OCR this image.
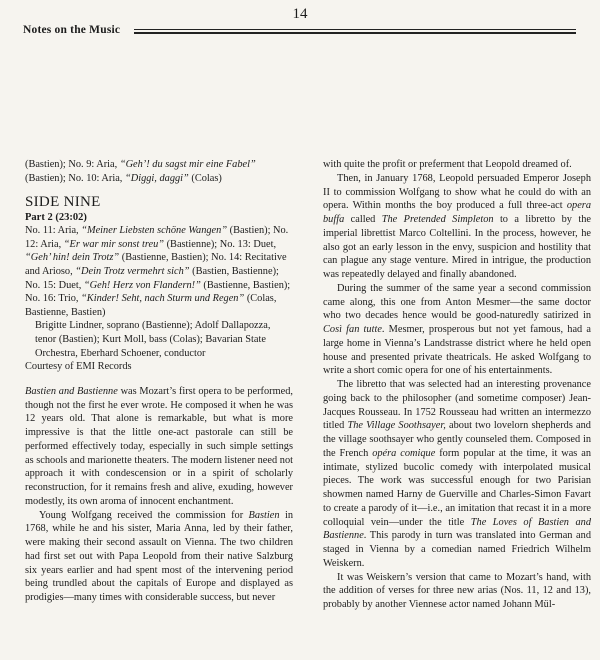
14
Notes on the Music

(Bastien); No. 9: Aria, “Geh’! du sagst mir eine Fabel” (Bastien); No. 10: Aria, “Diggi, daggi” (Colas)

SIDE NINE

Part 2 (23:02)

No. 11: Aria, “Meiner Liebsten schöne Wangen” (Bastien); No. 12: Aria, “Er war mir sonst treu” (Bastienne); No. 13: Duet, “Geh’ hin! dein Trotz” (Bastienne, Bastien); No. 14: Recitative and Arioso, “Dein Trotz vermehrt sich” (Bastien, Bastienne); No. 15: Duet, “Geh! Herz von Flandern!” (Bastienne, Bastien); No. 16: Trio, “Kinder! Seht, nach Sturm und Regen” (Colas, Bastienne, Bastien)

Brigitte Lindner, soprano (Bastienne); Adolf Dallapozza, tenor (Bastien); Kurt Moll, bass (Colas); Bavarian State Orchestra, Eberhard Schoener, conductor

Courtesy of EMI Records

Bastien and Bastienne was Mozart’s first opera to be performed, though not the first he ever wrote. He composed it when he was 12 years old. That alone is remarkable, but what is more impressive is that the little one-act pastorale can still be performed effectively today, especially in such simple settings as schools and marionette theaters. The modern listener need not approach it with condescension or in a spirit of scholarly reconstruction, for it remains fresh and alive, exuding, however modestly, its own aroma of innocent enchantment.

Young Wolfgang received the commission for Bastien in 1768, while he and his sister, Maria Anna, led by their father, were making their second assault on Vienna. The two children had first set out with Papa Leopold from their native Salzburg six years earlier and had spent most of the intervening period being trundled about the capitals of Europe and displayed as prodigies—many times with considerable success, but never

with quite the profit or preferment that Leopold dreamed of.

Then, in January 1768, Leopold persuaded Emperor Joseph II to commission Wolfgang to show what he could do with an opera. Within months the boy produced a full three-act opera buffa called The Pretended Simpleton to a libretto by the imperial librettist Marco Coltellini. In the process, however, he also got an early lesson in the envy, suspicion and hostility that can plague any stage venture. Mired in intrigue, the production was repeatedly delayed and finally abandoned.

During the summer of the same year a second commission came along, this one from Anton Mesmer—the same doctor who two decades hence would be good-naturedly satirized in Così fan tutte. Mesmer, prosperous but not yet famous, had a large home in Vienna’s Landstrasse district where he held open house and presented private theatricals. He asked Wolfgang to write a short comic opera for one of his entertainments.

The libretto that was selected had an interesting provenance going back to the philosopher (and sometime composer) Jean-Jacques Rousseau. In 1752 Rousseau had written an intermezzo titled The Village Soothsayer, about two lovelorn shepherds and the village soothsayer who gently counseled them. Composed in the French opéra comique form popular at the time, it was an intimate, stylized bucolic comedy with interpolated musical pieces. The work was successful enough for two Parisian showmen named Harny de Guerville and Charles-Simon Favart to create a parody of it—i.e., an imitation that recast it in a more colloquial vein—under the title The Loves of Bastien and Bastienne. This parody in turn was translated into German and staged in Vienna by a comedian named Friedrich Wilhelm Weiskern.

It was Weiskern’s version that came to Mozart’s hand, with the addition of verses for three new arias (Nos. 11, 12 and 13), probably by another Viennese actor named Johann Mül-
